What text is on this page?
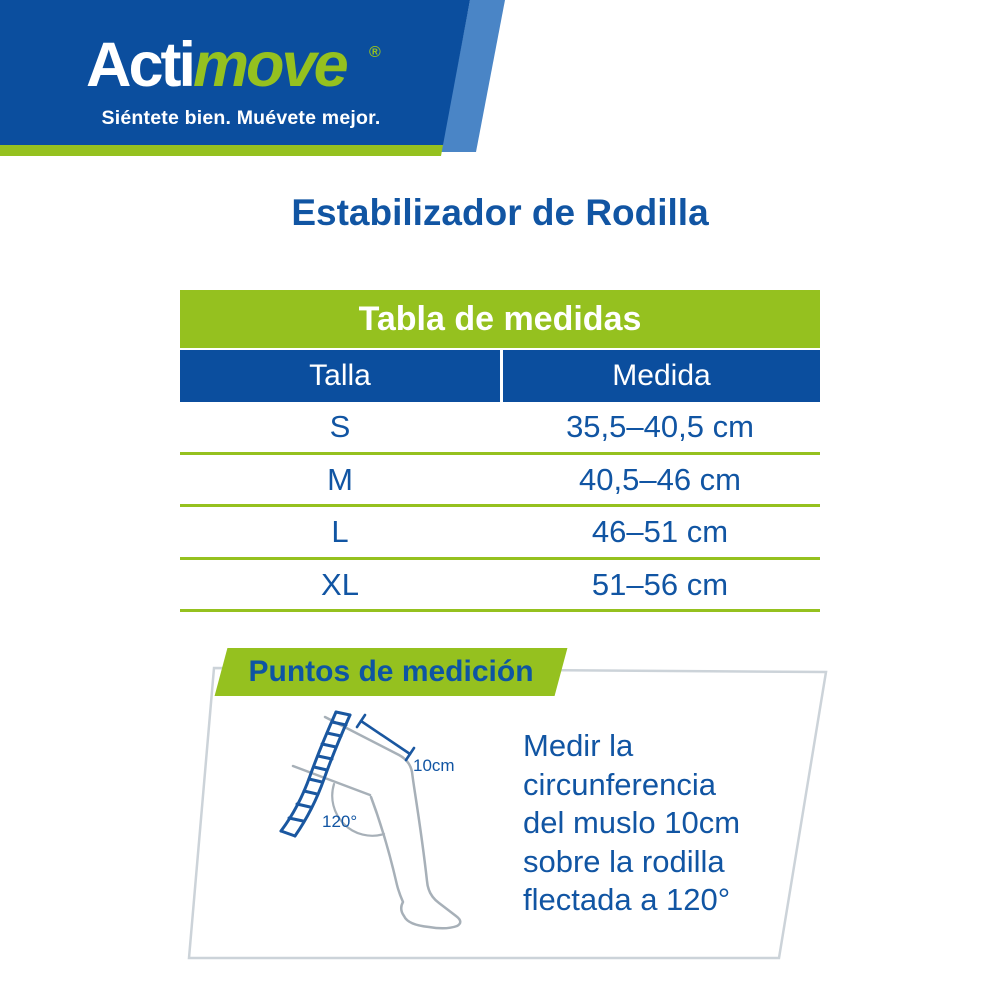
Actimove	®
Siéntete bien. Muévete mejor.
Estabilizador de Rodilla
Tabla de medidas
Talla	Medida
S	35,5–40,5 cm
M	40,5–46 cm
L	46–51 cm
XL	51–56 cm
Puntos de medición
Medir la
circunferencia
del muslo 10cm
sobre la rodilla
flectada a 120°
10cm
120°
